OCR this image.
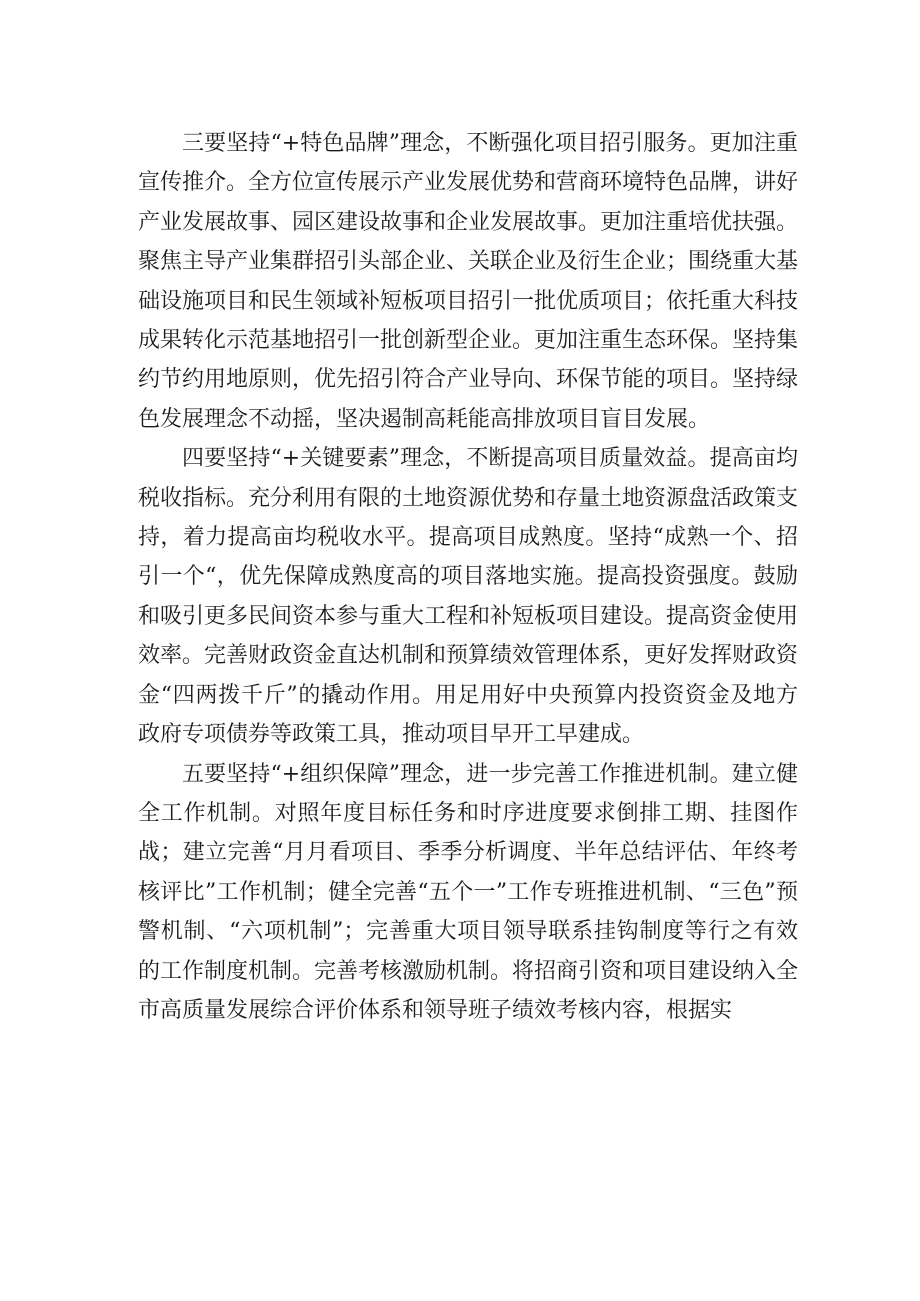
三要坚持“+特色品牌”理念，不断强化项目招引服务。更加注重宣传推介。全方位宣传展示产业发展优势和营商环境特色品牌，讲好产业发展故事、园区建设故事和企业发展故事。更加注重培优扶强。聚焦主导产业集群招引头部企业、关联企业及衍生企业；围绕重大基础设施项目和民生领域补短板项目招引一批优质项目；依托重大科技成果转化示范基地招引一批创新型企业。更加注重生态环保。坚持集约节约用地原则，优先招引符合产业导向、环保节能的项目。坚持绿色发展理念不动摇，坚决遏制高耗能高排放项目盲目发展。

四要坚持“+关键要素”理念，不断提高项目质量效益。提高亩均税收指标。充分利用有限的土地资源优势和存量土地资源盘活政策支持，着力提高亩均税收水平。提高项目成熟度。坚持“成熟一个、招引一个“，优先保障成熟度高的项目落地实施。提高投资强度。鼓励和吸引更多民间资本参与重大工程和补短板项目建设。提高资金使用效率。完善财政资金直达机制和预算绩效管理体系，更好发挥财政资金“四两拨千斤”的撬动作用。用足用好中央预算内投资资金及地方政府专项债券等政策工具，推动项目早开工早建成。

五要坚持“+组织保障”理念，进一步完善工作推进机制。建立健全工作机制。对照年度目标任务和时序进度要求倒排工期、挂图作战；建立完善“月月看项目、季季分析调度、半年总结评估、年终考核评比”工作机制；健全完善“五个一”工作专班推进机制、“三色”预警机制、“六项机制”；完善重大项目领导联系挂钩制度等行之有效的工作制度机制。完善考核激励机制。将招商引资和项目建设纳入全市高质量发展综合评价体系和领导班子绩效考核内容，根据实
